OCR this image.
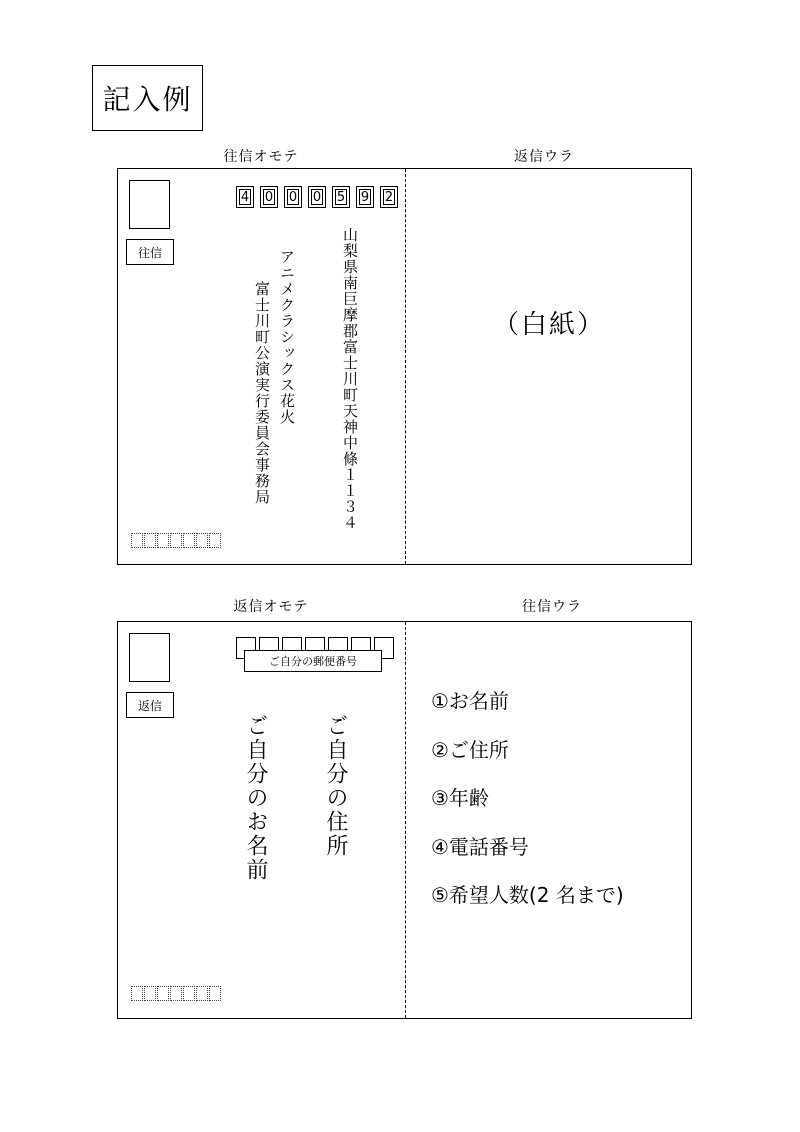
記入例
往信オモテ	返信ウラ
往信
4 0 0 0 5 9 2
山梨県南巨摩郡富士川町天神中條１１３４
アニメクラシックス花火
富士川町公演実行委員会事務局	（白紙）
返信オモテ	往信ウラ
返信
ご自分の郵便番号
ご自分の住所
ご自分のお名前
①お名前
②ご住所
③年齢
④電話番号
⑤希望人数(2 名まで)
